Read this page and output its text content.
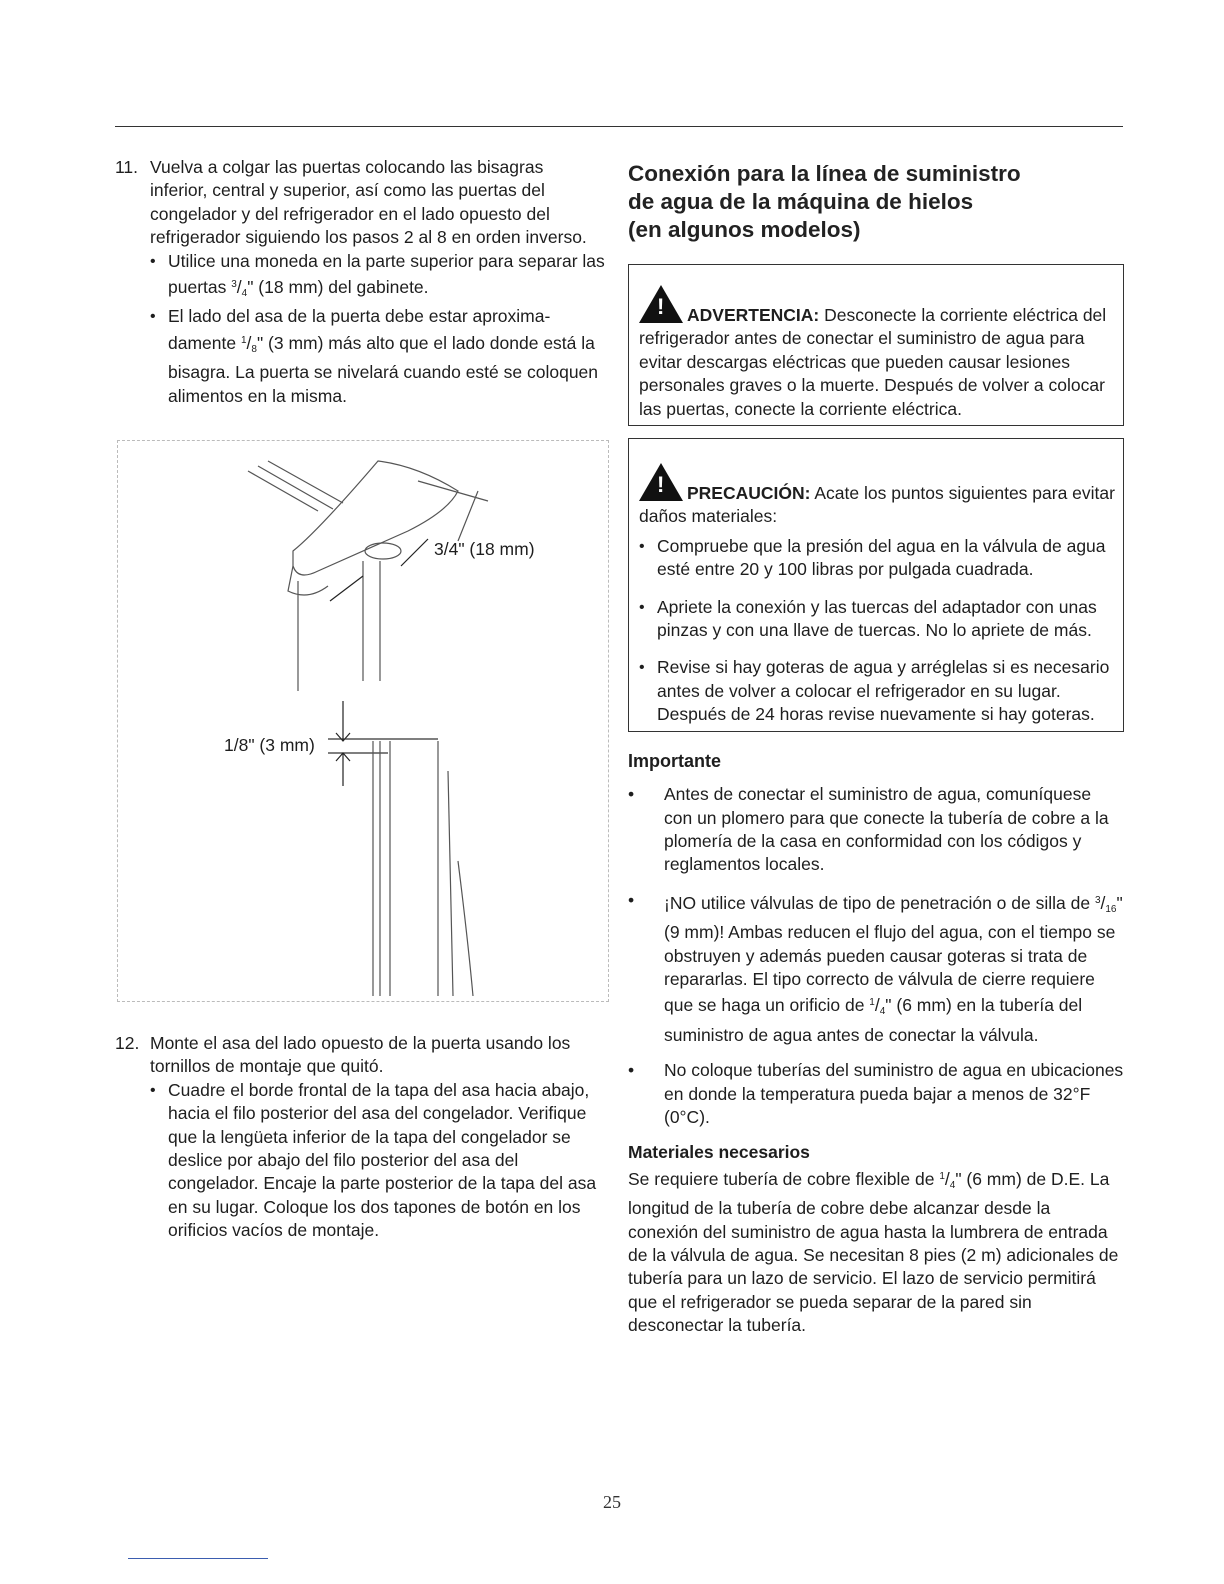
11. Vuelva a colgar las puertas colocando las bisagras inferior, central y superior, así como las puertas del congelador y del refrigerador en el lado opuesto del refrigerador siguiendo los pasos 2 al 8 en orden inverso.
• Utilice una moneda en la parte superior para separar las puertas $^3/_4$" (18 mm) del gabinete.
• El lado del asa de la puerta debe estar aproximadamente $^1/_8$" (3 mm) más alto que el lado donde está la bisagra. La puerta se nivelará cuando esté se coloquen alimentos en la misma.
3/4" (18 mm)
1/8" (3 mm)
12. Monte el asa del lado opuesto de la puerta usando los tornillos de montaje que quitó.
• Cuadre el borde frontal de la tapa del asa hacia abajo, hacia el filo posterior del asa del congelador. Verifique que la lengüeta inferior de la tapa del congelador se deslice por abajo del filo posterior del asa del congelador. Encaje la parte posterior de la tapa del asa en su lugar. Coloque los dos tapones de botón en los orificios vacíos de montaje.
Conexión para la línea de suministro
de agua de la máquina de hielos
(en algunos modelos)
! ADVERTENCIA: Desconecte la corriente eléctrica del refrigerador antes de conectar el suministro de agua para evitar descargas eléctricas que pueden causar lesiones personales graves o la muerte. Después de volver a colocar las puertas, conecte la corriente eléctrica.
! PRECAUCIÓN: Acate los puntos siguientes para evitar daños materiales:
• Compruebe que la presión del agua en la válvula de agua esté entre 20 y 100 libras por pulgada cuadrada.
• Apriete la conexión y las tuercas del adaptador con unas pinzas y con una llave de tuercas. No lo apriete de más.
• Revise si hay goteras de agua y arréglelas si es necesario antes de volver a colocar el refrigerador en su lugar. Después de 24 horas revise nuevamente si hay goteras.
Importante
• Antes de conectar el suministro de agua, comuníquese con un plomero para que conecte la tubería de cobre a la plomería de la casa en conformidad con los códigos y reglamentos locales.
• ¡NO utilice válvulas de tipo de penetración o de silla de $^3/_{16}$" (9 mm)! Ambas reducen el flujo del agua, con el tiempo se obstruyen y además pueden causar goteras si trata de repararlas. El tipo correcto de válvula de cierre requiere que se haga un orificio de $^1/_4$" (6 mm) en la tubería del suministro de agua antes de conectar la válvula.
• No coloque tuberías del suministro de agua en ubicaciones en donde la temperatura pueda bajar a menos de 32°F (0°C).
Materiales necesarios
Se requiere tubería de cobre flexible de $^1/_4$" (6 mm) de D.E. La longitud de la tubería de cobre debe alcanzar desde la conexión del suministro de agua hasta la lumbrera de entrada de la válvula de agua. Se necesitan 8 pies (2 m) adicionales de tubería para un lazo de servicio. El lazo de servicio permitirá que el refrigerador se pueda separar de la pared sin desconectar la tubería.
25
